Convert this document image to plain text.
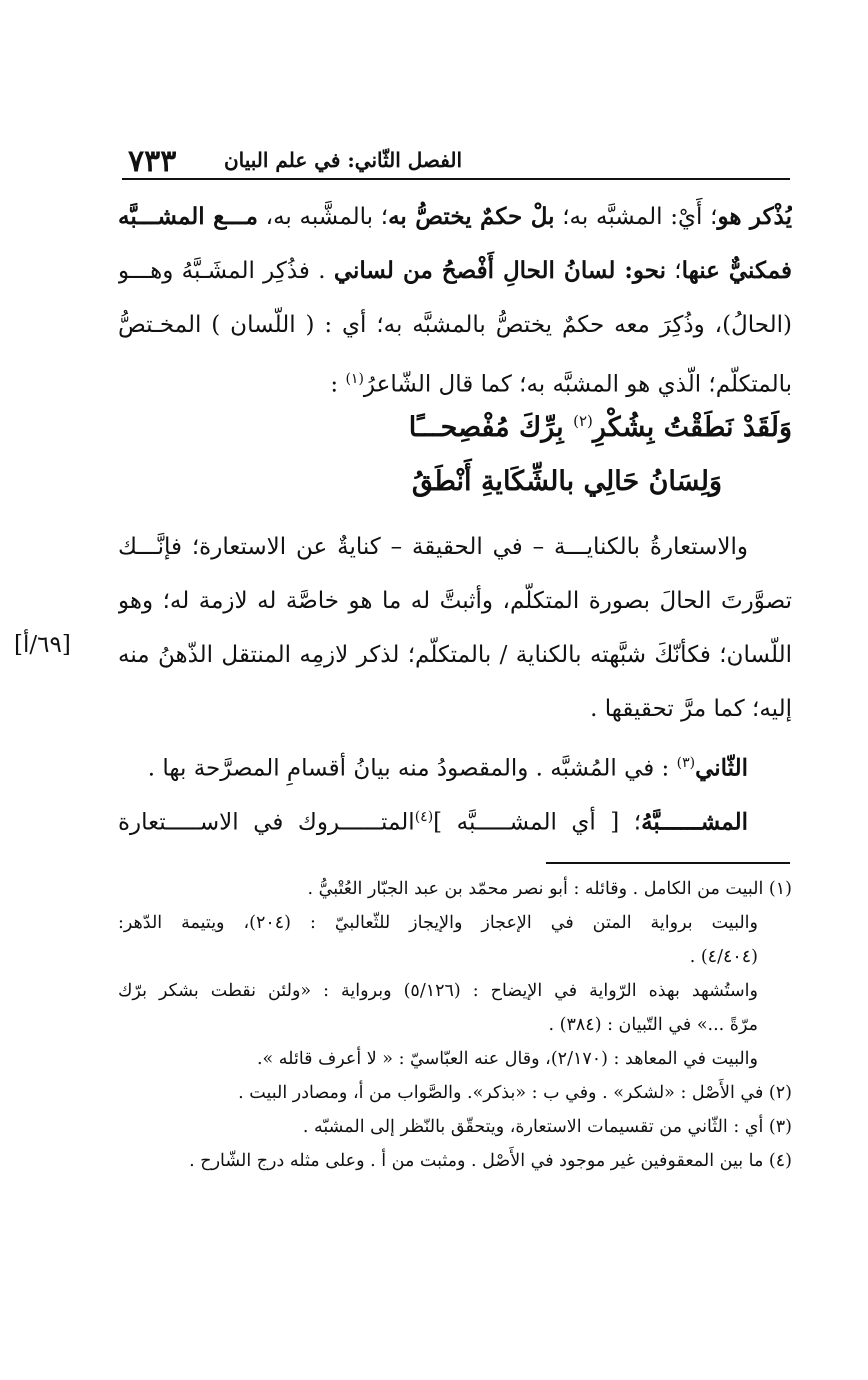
٧٣٣	الفصل الثّاني: في علم البيان
[٦٩/أ]
يُذْكر هو؛ أَيْ: المشبَّه به؛ بلْ حكمٌ يختصُّ به؛ بالمشَّبه به، مـــع المشـــبَّه
فمكنيٌّ عنها؛ نحو: لسانُ الحالِ أَفْصحُ من لساني . فذُكِر المشَـبَّهُ وهـــو
(الحالُ)، وذُكِرَ معه حكمٌ يختصُّ بالمشبَّه به؛ أي : ( اللّسان ) المخـتصُّ
بالمتكلّم؛ الّذي هو المشبَّه به؛ كما قال الشّاعرُ$^{(١)}$ :
وَلَقَدْ نَطَقْتُ بِشُكْرِ$^{(٢)}$ بِرِّكَ مُفْصِحـــًا
وَلِسَانُ حَالِي بالشِّكَايةِ أَنْطَقُ
والاستعارةُ بالكنايـــة – في الحقيقة – كنايةٌ عن الاستعارة؛ فإنَّـــك
تصوَّرتَ الحالَ بصورة المتكلّم، وأثبتَّ له ما هو خاصَّة له لازمة له؛ وهو
اللّسان؛ فكأنّكَ شبَّهته بالكناية / بالمتكلّم؛ لذكر لازمِه المنتقل الذّهنُ منه
إليه؛ كما مرَّ تحقيقها .
الثّاني$^{(٣)}$ : في المُشبَّه . والمقصودُ منه بيانُ أقسامِ المصرَّحة بها .
المشــــــبَّهُ؛ [ أي المشـــــبَّه ]$^{(٤)}$المتــــــروك في الاســـــتعارة
(١) البيت من الكامل . وقائله : أبو نصر محمّد بن عبد الجبّار العُتْبيُّ .
والبيت برواية المتن في الإعجاز والإيجاز للثّعالبيّ : (٢٠٤)، ويتيمة الدّهر:
(٤/٤٠٤) .
واستُشهد بهذه الرّواية في الإيضاح : (٥/١٢٦) وبرواية : «ولئن نقطت بشكر برّك
مرّةً ...» في التّبيان : (٣٨٤) .
والبيت في المعاهد : (٢/١٧٠)، وقال عنه العبّاسيّ : « لا أعرف قائله ».
(٢) في الأَصْل : «لشكر» . وفي ب : «بذكر». والصَّواب من أ، ومصادر البيت .
(٣) أي : الثّاني من تقسيمات الاستعارة، ويتحقّق بالنّظر إلى المشبّه .
(٤) ما بين المعقوفين غير موجود في الأَصْل . ومثبت من أ . وعلى مثله درج الشّارح .
